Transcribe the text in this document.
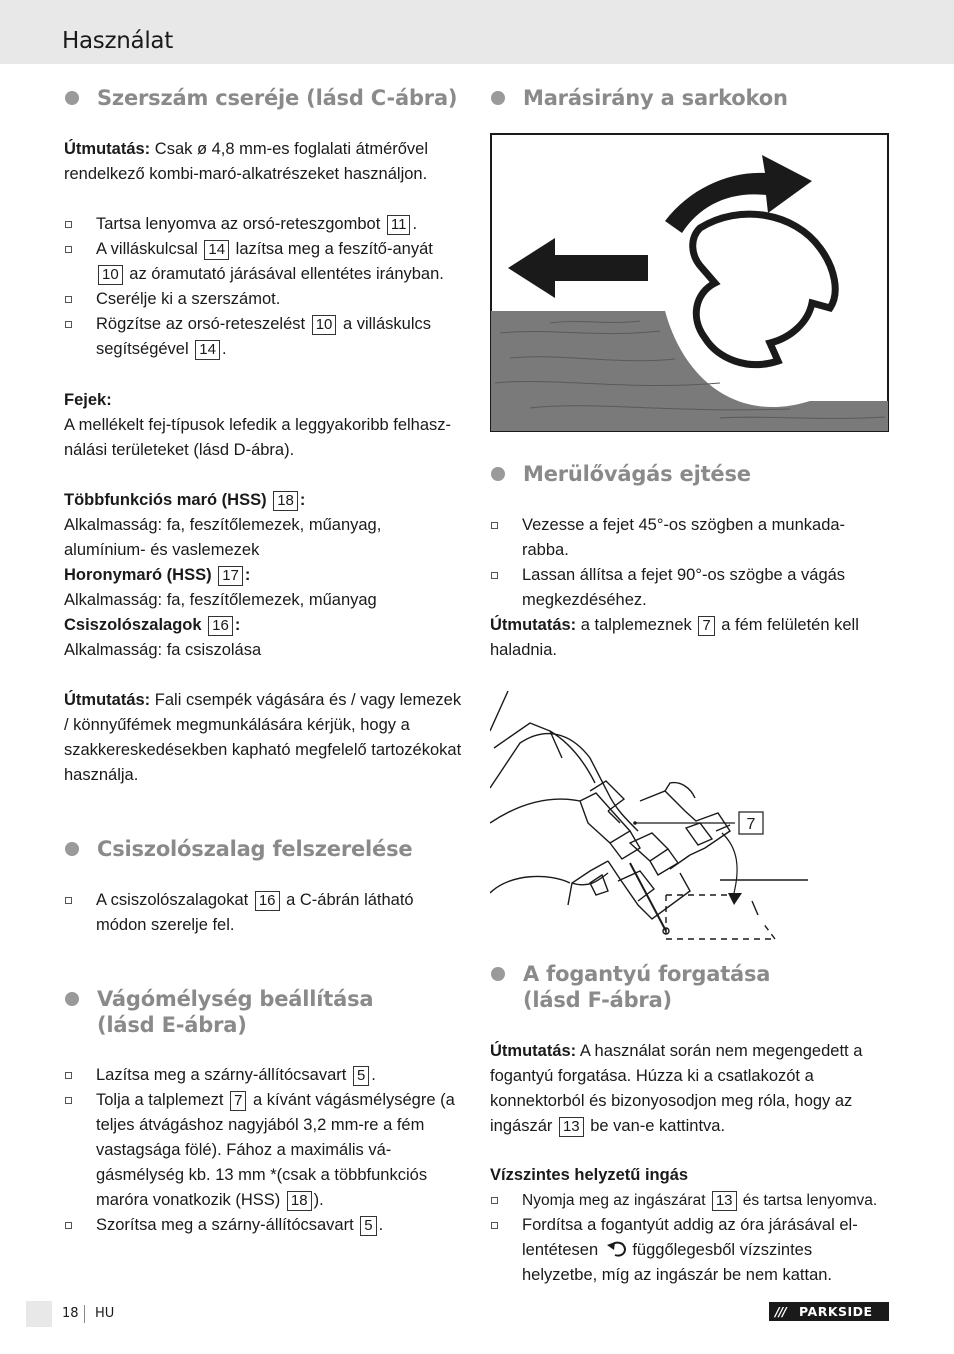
Használat
Szerszám cseréje (lásd C-ábra)
Útmutatás: Csak ø 4,8 mm-es foglalati átmérővel rendelkező kombi-maró-alkatrészeket használjon.
Tartsa lenyomva az orsó-reteszgombot 11 .
A villáskulcsal 14 lazítsa meg a feszítő-anyát 10 az óramutató járásával ellentétes irányban.
Cserélje ki a szerszámot.
Rögzítse az orsó-reteszelést 10 a villáskulcs segítségével 14 .
Fejek:
A mellékelt fej-típusok lefedik a leggyakoribb felhasz-nálási területeket (lásd D-ábra).
Többfunkciós maró (HSS) 18 :
Alkalmasság: fa, feszítőlemezek, műanyag, alumínium- és vaslemezek
Horonymaró (HSS) 17 :
Alkalmasság: fa, feszítőlemezek, műanyag
Csiszolószalagok 16 :
Alkalmasság: fa csiszolása
Útmutatás: Fali csempék vágására és / vagy lemezek / könnyűfémek megmunkálására kérjük, hogy a szakkereskedésekben kapható megfelelő tartozékokat használja.
Csiszolószalag felszerelése
A csiszolószalagokat 16 a C-ábrán látható módon szerelje fel.
Vágómélység beállítása
(lásd E-ábra)
Lazítsa meg a szárny-állítócsavart 5 .
Tolja a talplemezt 7 a kívánt vágásmélységre (a teljes átvágáshoz nagyjából 3,2 mm-re a fém vastagsága fölé). Fához a maximális vá-gásmélység kb. 13 mm *(csak a többfunkciós maróra vonatkozik (HSS) 18 ).
Szorítsa meg a szárny-állítócsavart 5 .
Marásirány a sarkokon
Merülővágás ejtése
Vezesse a fejet 45°-os szögben a munkada-rabba.
Lassan állítsa a fejet 90°-os szögbe a vágás megkezdéséhez.
Útmutatás: a talplemeznek 7 a fém felületén kell haladnia.
7
A fogantyú forgatása
(lásd F-ábra)
Útmutatás: A használat során nem megengedett a fogantyú forgatása. Húzza ki a csatlakozót a konnektorból és bizonyosodjon meg róla, hogy az ingászár 13 be van-e kattintva.
Vízszintes helyzetű ingás
Nyomja meg az ingászárat 13 és tartsa lenyomva.
Fordítsa a fogantyút addig az óra járásával el-lentétesen  függőlegesből vízszintes helyzetbe, míg az ingászár be nem kattan.
18 HU	/// PARKSIDE
